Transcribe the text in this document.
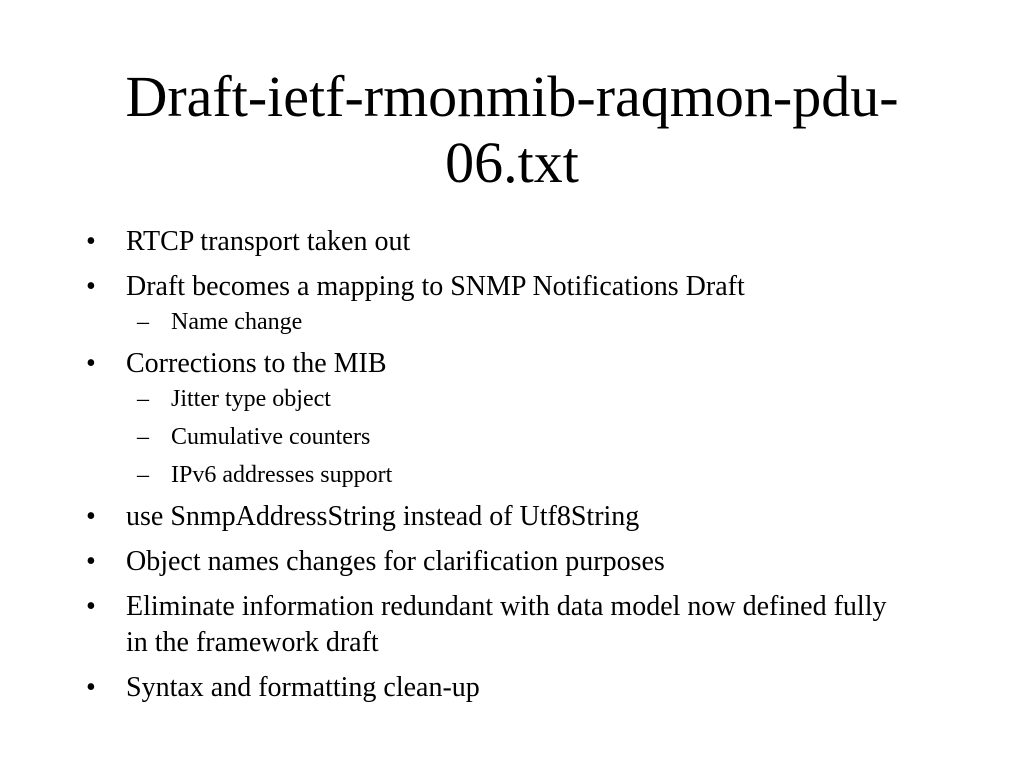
Draft-ietf-rmonmib-raqmon-pdu-06.txt
• RTCP transport taken out
• Draft becomes a mapping to SNMP Notifications Draft
– Name change
• Corrections to the MIB
– Jitter type object
– Cumulative counters
– IPv6 addresses support
• use SnmpAddressString instead of Utf8String
• Object names changes for clarification purposes
• Eliminate information redundant with data model now defined fully in the framework draft
• Syntax and formatting clean-up
